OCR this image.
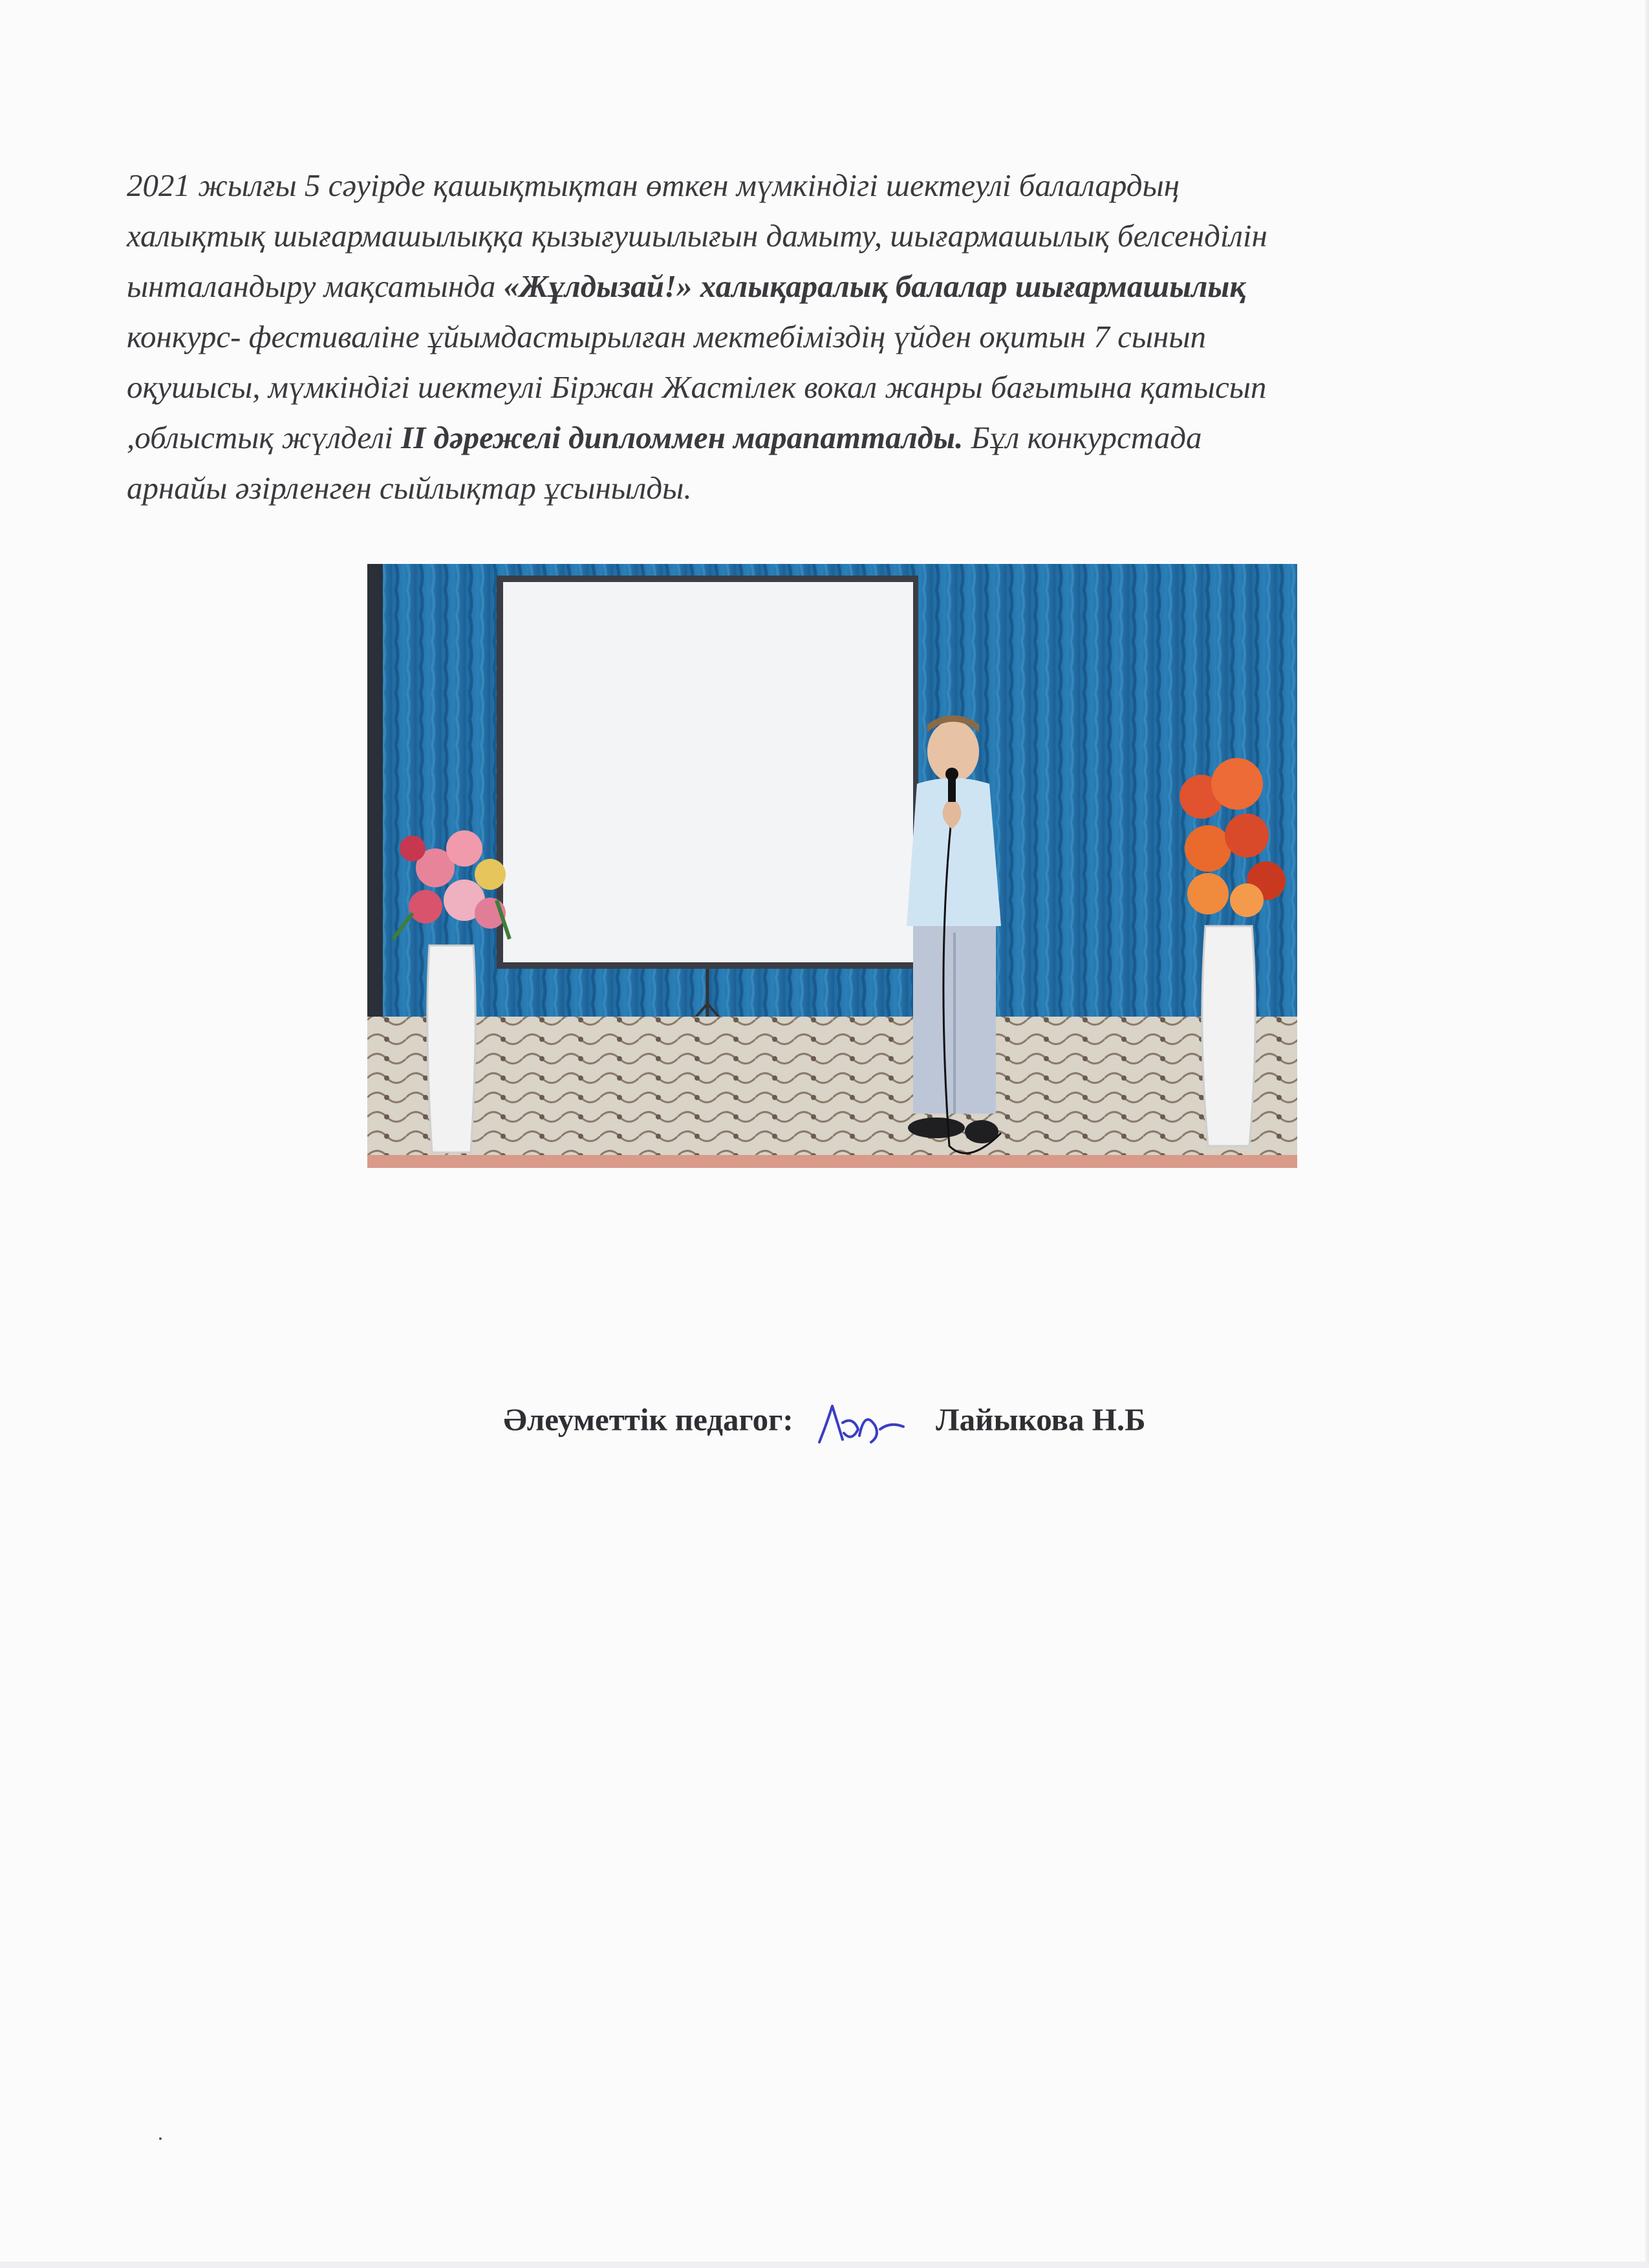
2021 жылғы 5 сәуірде қашықтықтан өткен мүмкіндігі шектеулі балалардың
халықтық шығармашылыққа қызығушылығын дамыту, шығармашылық белсенділін
ынталандыру мақсатында «Жұлдызай!» халықаралық балалар шығармашылық
конкурс- фестиваліне ұйымдастырылған мектебіміздің үйден оқитын 7 сынып
оқушысы, мүмкіндігі шектеулі Біржан Жастілек вокал жанры бағытына қатысып
,облыстық жүлделі ІІ дәрежелі дипломмен марапатталды. Бұл конкурстада
арнайы әзірленген сыйлықтар ұсынылды.
Әлеуметтік педагог:	Лайыкова Н.Б
